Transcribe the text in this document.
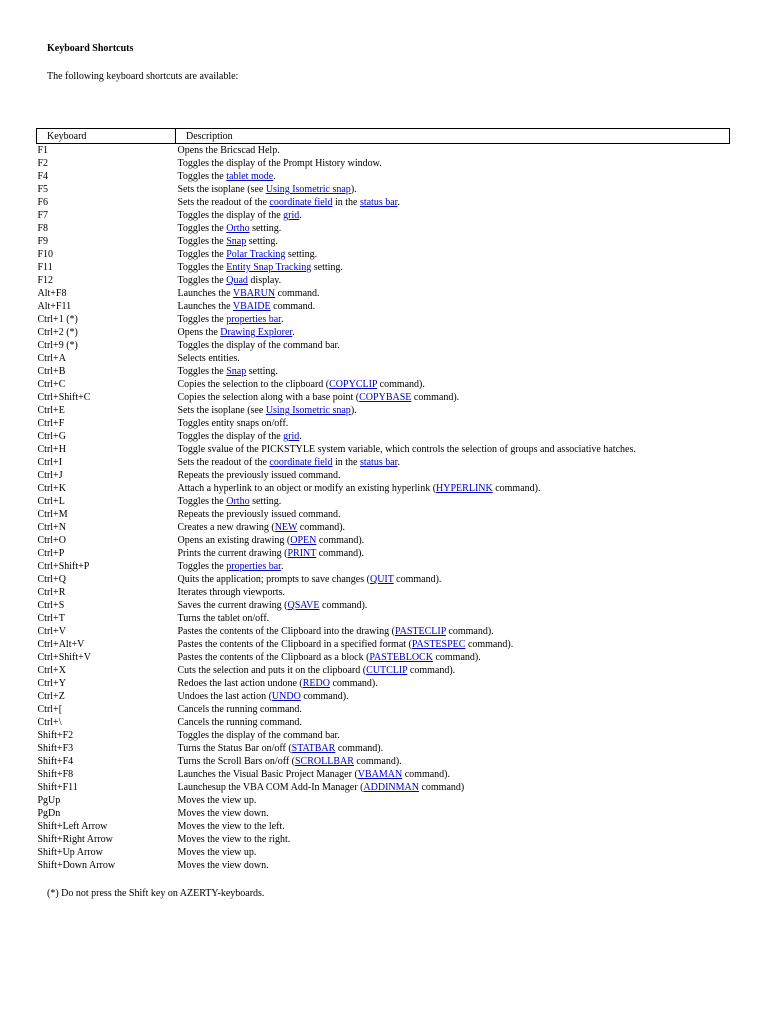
Keyboard Shortcuts
The following keyboard shortcuts are available:
Keyboard	Description
F1	Opens the Bricscad Help.
F2	Toggles the display of the Prompt History window.
F4	Toggles the tablet mode.
F5	Sets the isoplane (see Using Isometric snap).
F6	Sets the readout of the coordinate field in the status bar.
F7	Toggles the display of the grid.
F8	Toggles the Ortho setting.
F9	Toggles the Snap setting.
F10	Toggles the Polar Tracking setting.
F11	Toggles the Entity Snap Tracking setting.
F12	Toggles the Quad display.
Alt+F8	Launches the VBARUN command.
Alt+F11	Launches the VBAIDE command.
Ctrl+1 (*)	Toggles the properties bar.
Ctrl+2 (*)	Opens the Drawing Explorer.
Ctrl+9 (*)	Toggles the display of the command bar.
Ctrl+A	Selects entities.
Ctrl+B	Toggles the Snap setting.
Ctrl+C	Copies the selection to the clipboard (COPYCLIP command).
Ctrl+Shift+C	Copies the selection along with a base point (COPYBASE command).
Ctrl+E	Sets the isoplane (see Using Isometric snap).
Ctrl+F	Toggles entity snaps on/off.
Ctrl+G	Toggles the display of the grid.
Ctrl+H	Toggle svalue of the PICKSTYLE system variable, which controls the selection of groups and associative hatches.
Ctrl+I	Sets the readout of the coordinate field in the status bar.
Ctrl+J	Repeats the previously issued command.
Ctrl+K	Attach a hyperlink to an object or modify an existing hyperlink (HYPERLINK command).
Ctrl+L	Toggles the Ortho setting.
Ctrl+M	Repeats the previously issued command.
Ctrl+N	Creates a new drawing (NEW command).
Ctrl+O	Opens an existing drawing (OPEN command).
Ctrl+P	Prints the current drawing (PRINT command).
Ctrl+Shift+P	Toggles the properties bar.
Ctrl+Q	Quits the application; prompts to save changes (QUIT command).
Ctrl+R	Iterates through viewports.
Ctrl+S	Saves the current drawing (QSAVE command).
Ctrl+T	Turns the tablet on/off.
Ctrl+V	Pastes the contents of the Clipboard into the drawing (PASTECLIP command).
Ctrl+Alt+V	Pastes the contents of the Clipboard in a specified format (PASTESPEC command).
Ctrl+Shift+V	Pastes the contents of the Clipboard as a block (PASTEBLOCK command).
Ctrl+X	Cuts the selection and puts it on the clipboard (CUTCLIP command).
Ctrl+Y	Redoes the last action undone (REDO command).
Ctrl+Z	Undoes the last action (UNDO command).
Ctrl+[	Cancels the running command.
Ctrl+\	Cancels the running command.
Shift+F2	Toggles the display of the command bar.
Shift+F3	Turns the Status Bar on/off (STATBAR command).
Shift+F4	Turns the Scroll Bars on/off (SCROLLBAR command).
Shift+F8	Launches the Visual Basic Project Manager (VBAMAN command).
Shift+F11	Launchesup the VBA COM Add-In Manager (ADDINMAN command)
PgUp	Moves the view up.
PgDn	Moves the view down.
Shift+Left Arrow	Moves the view to the left.
Shift+Right Arrow	Moves the view to the right.
Shift+Up Arrow	Moves the view up.
Shift+Down Arrow	Moves the view down.
(*) Do not press the Shift key on AZERTY-keyboards.
